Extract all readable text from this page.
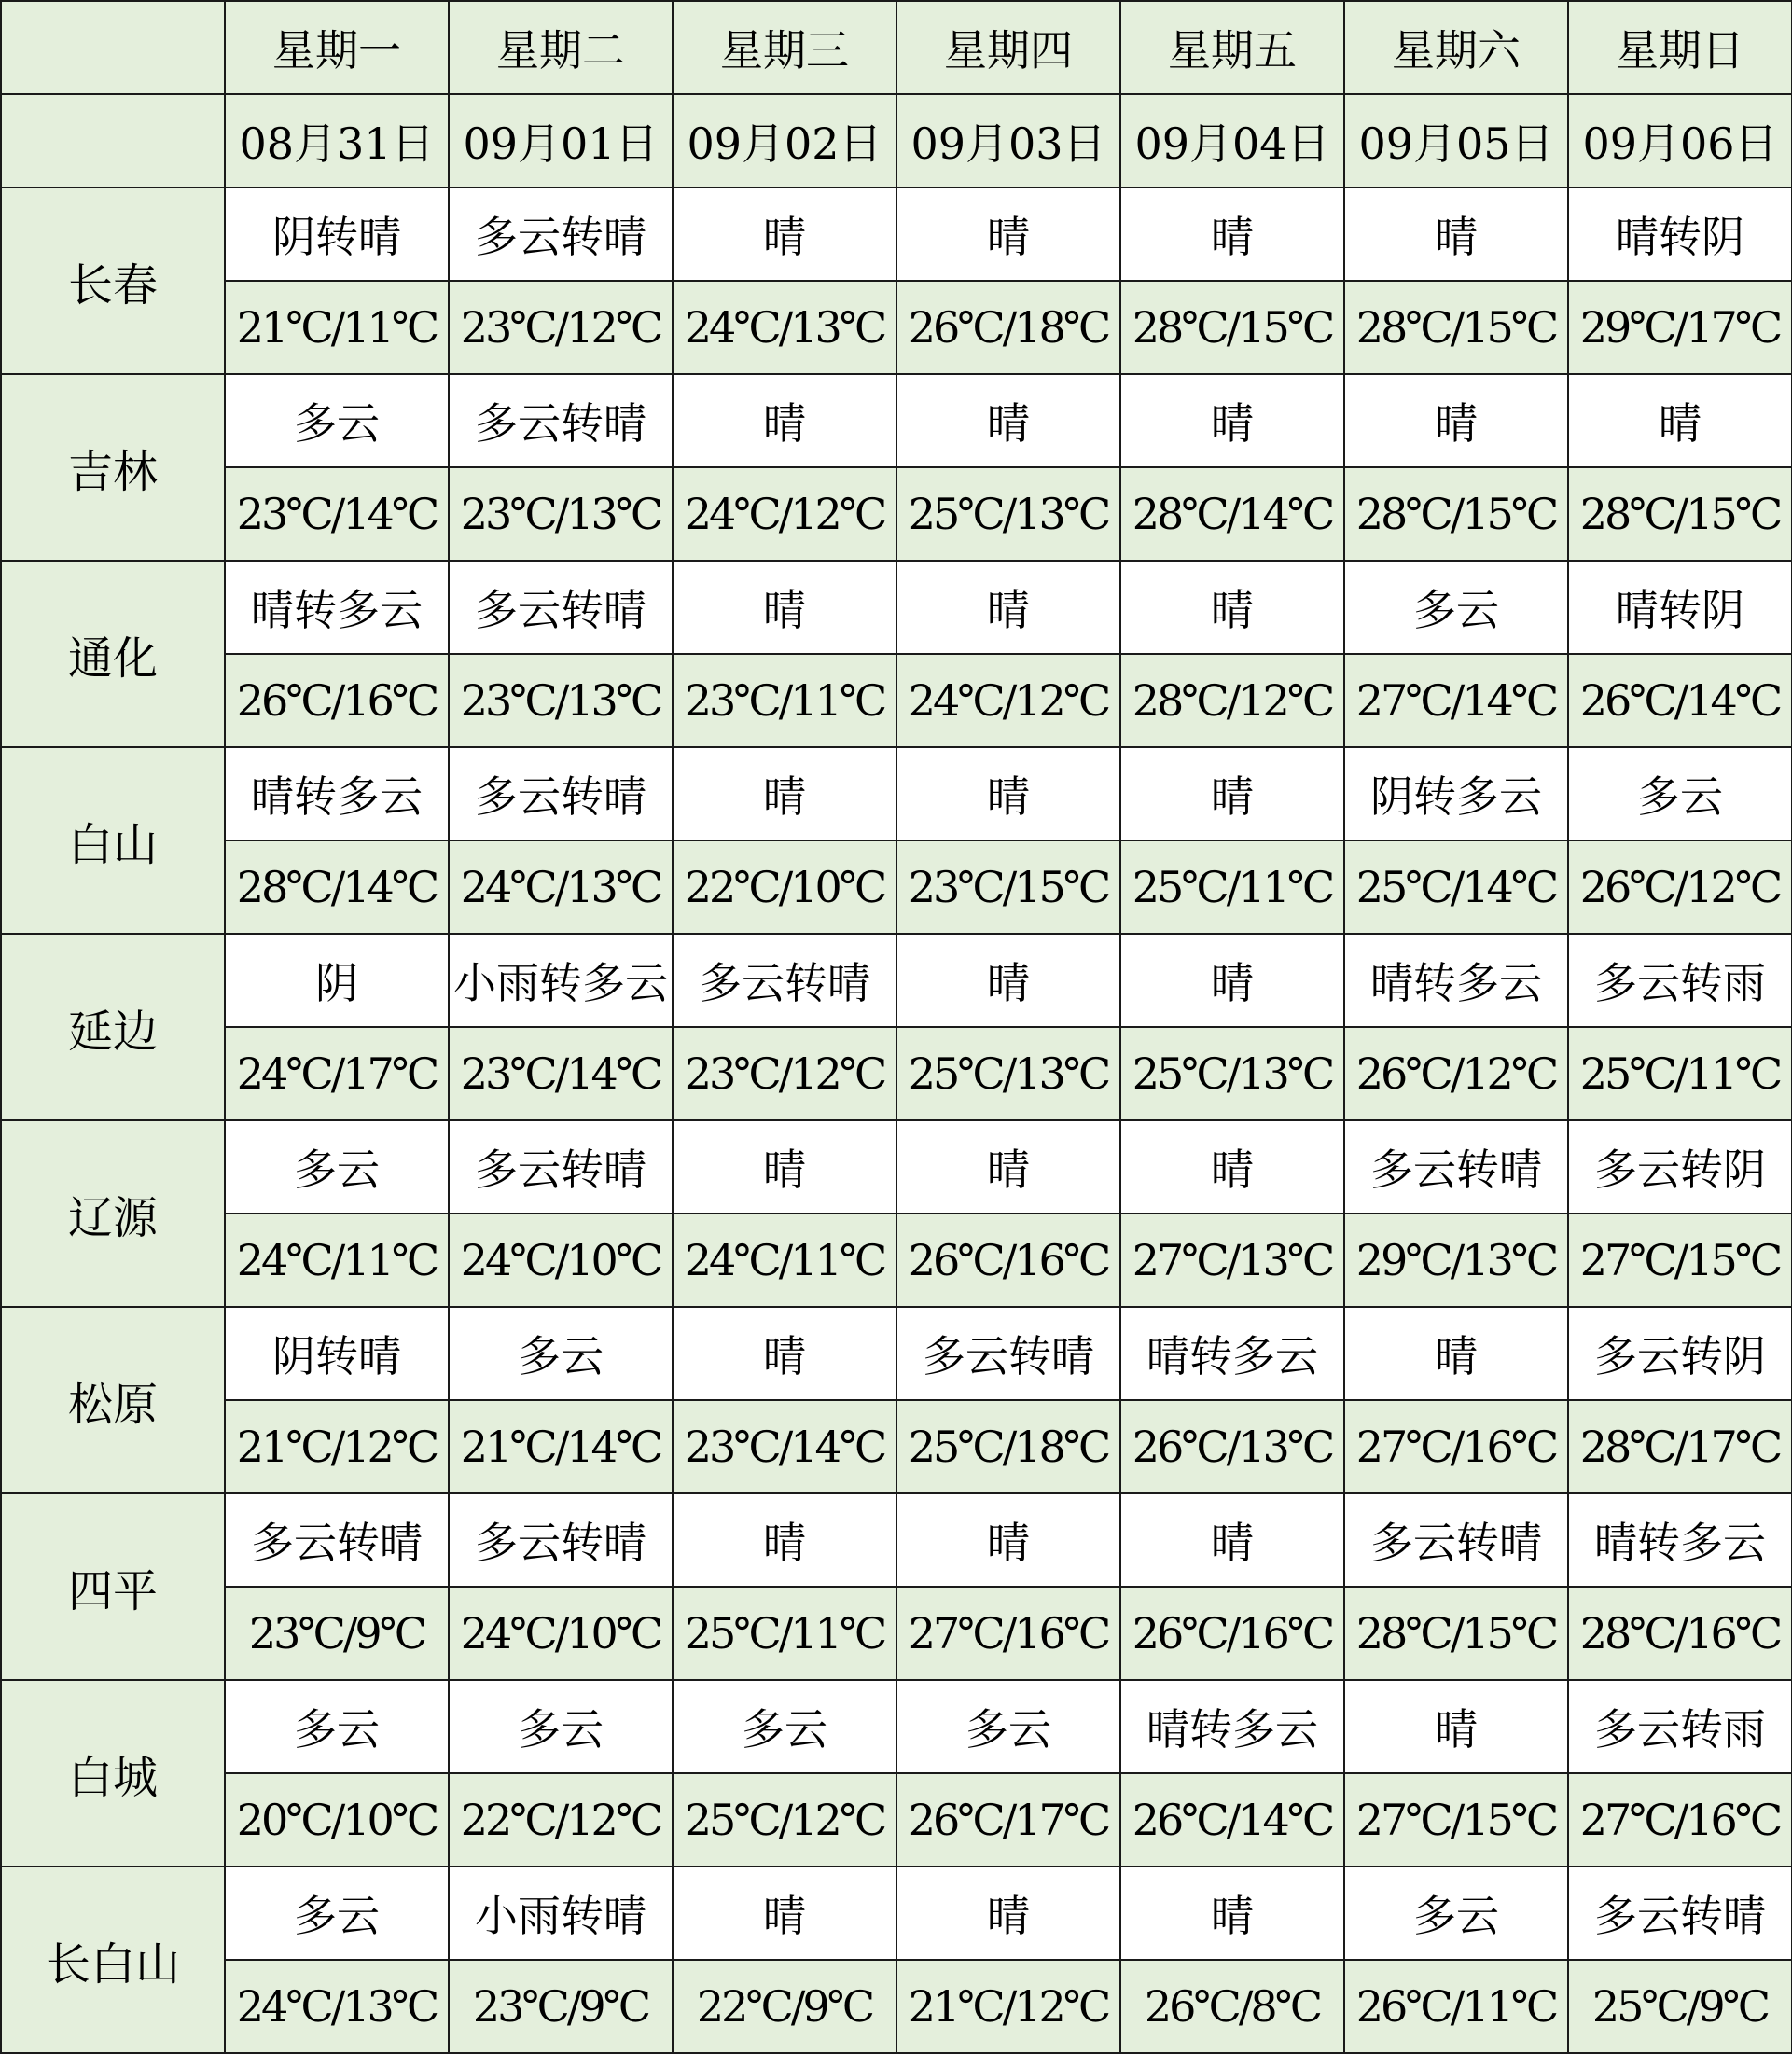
	星期一	星期二	星期三	星期四	星期五	星期六	星期日
	08月31日	09月01日	09月02日	09月03日	09月04日	09月05日	09月06日
长春	阴转晴	多云转晴	晴	晴	晴	晴	晴转阴
	21℃/11℃	23℃/12℃	24℃/13℃	26℃/18℃	28℃/15℃	28℃/15℃	29℃/17℃
吉林	多云	多云转晴	晴	晴	晴	晴	晴
	23℃/14℃	23℃/13℃	24℃/12℃	25℃/13℃	28℃/14℃	28℃/15℃	28℃/15℃
通化	晴转多云	多云转晴	晴	晴	晴	多云	晴转阴
	26℃/16℃	23℃/13℃	23℃/11℃	24℃/12℃	28℃/12℃	27℃/14℃	26℃/14℃
白山	晴转多云	多云转晴	晴	晴	晴	阴转多云	多云
	28℃/14℃	24℃/13℃	22℃/10℃	23℃/15℃	25℃/11℃	25℃/14℃	26℃/12℃
延边	阴	小雨转多云	多云转晴	晴	晴	晴转多云	多云转雨
	24℃/17℃	23℃/14℃	23℃/12℃	25℃/13℃	25℃/13℃	26℃/12℃	25℃/11℃
辽源	多云	多云转晴	晴	晴	晴	多云转晴	多云转阴
	24℃/11℃	24℃/10℃	24℃/11℃	26℃/16℃	27℃/13℃	29℃/13℃	27℃/15℃
松原	阴转晴	多云	晴	多云转晴	晴转多云	晴	多云转阴
	21℃/12℃	21℃/14℃	23℃/14℃	25℃/18℃	26℃/13℃	27℃/16℃	28℃/17℃
四平	多云转晴	多云转晴	晴	晴	晴	多云转晴	晴转多云
	23℃/9℃	24℃/10℃	25℃/11℃	27℃/16℃	26℃/16℃	28℃/15℃	28℃/16℃
白城	多云	多云	多云	多云	晴转多云	晴	多云转雨
	20℃/10℃	22℃/12℃	25℃/12℃	26℃/17℃	26℃/14℃	27℃/15℃	27℃/16℃
长白山	多云	小雨转晴	晴	晴	晴	多云	多云转晴
	24℃/13℃	23℃/9℃	22℃/9℃	21℃/12℃	26℃/8℃	26℃/11℃	25℃/9℃
